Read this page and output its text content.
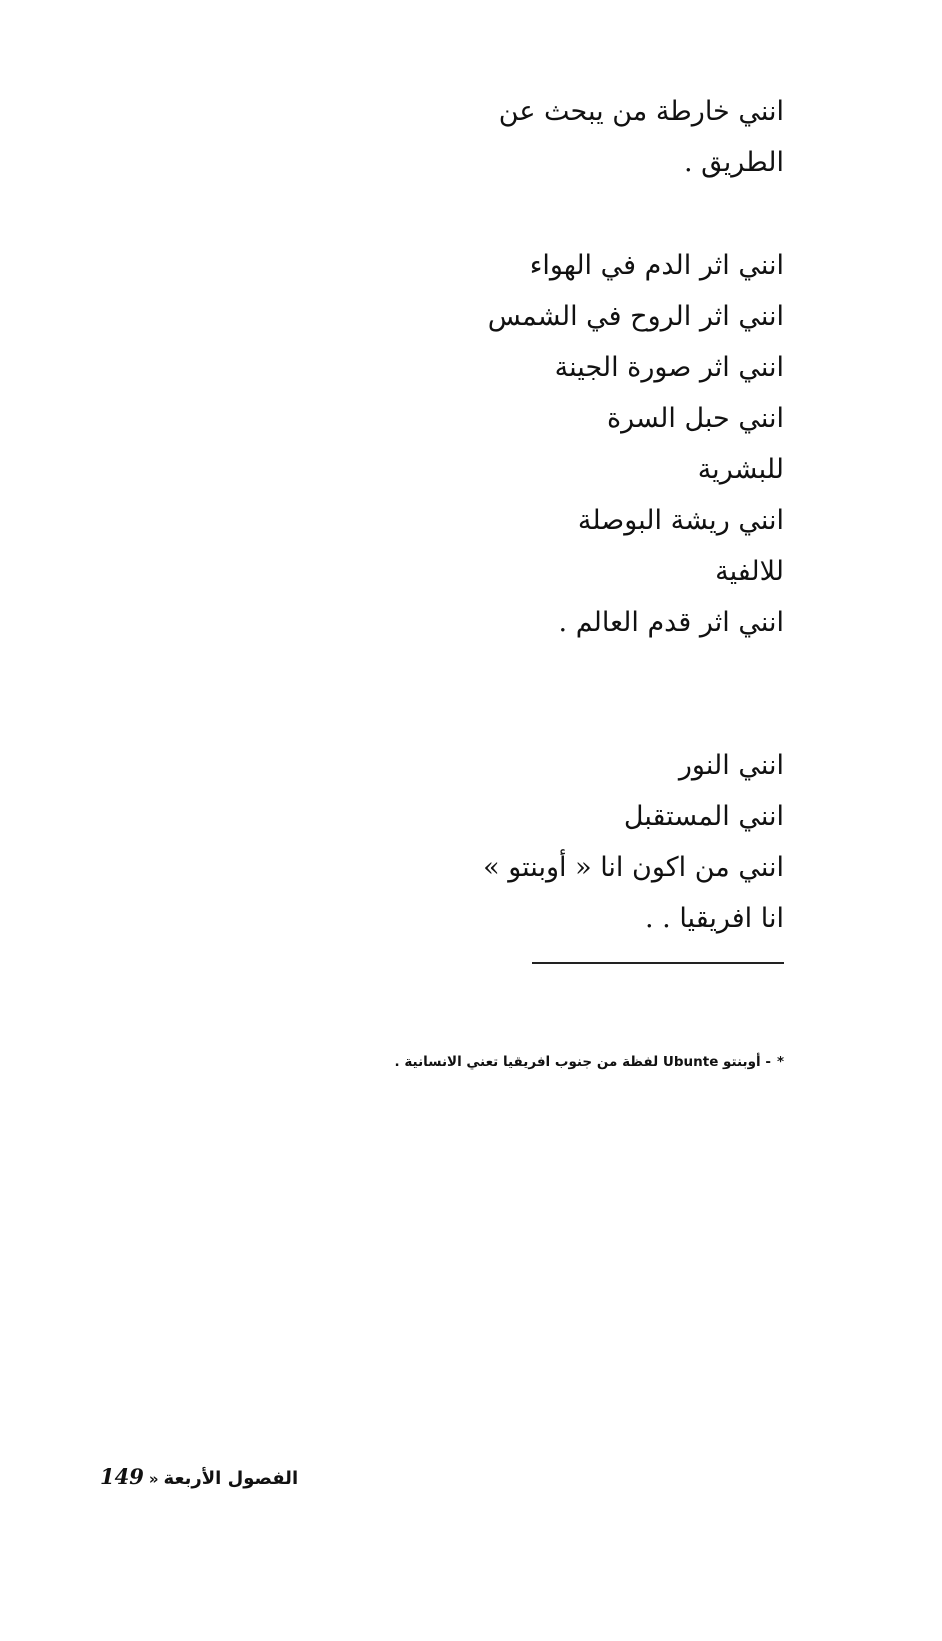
انني خارطة من يبحث عن
الطريق .
انني اثر الدم في الهواء
انني اثر الروح في الشمس
انني اثر صورة الجينة
انني حبل السرة
للبشرية
انني ريشة البوصلة
للالفية
انني اثر قدم العالم .
انني النور
انني المستقبل
انني من اكون انا « أوبنتو »
انا افريقيا . .
*- أوبنتو Ubunte لفظة من جنوب افريقيا تعني الانسانية .
149 » الفصول الأربعة
